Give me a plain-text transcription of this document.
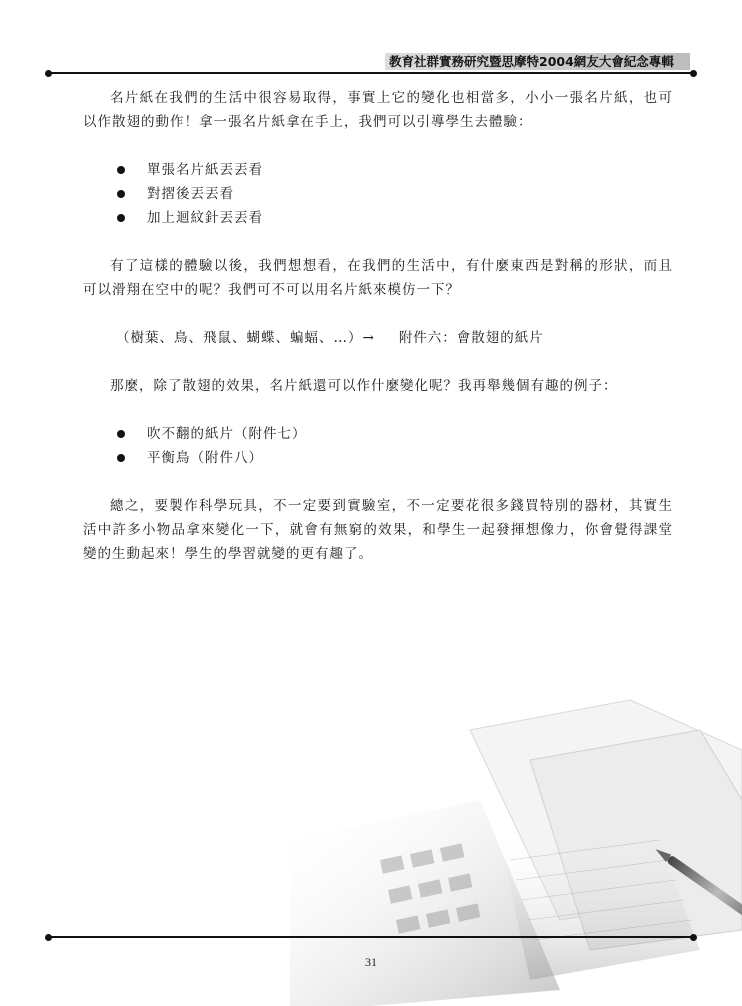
教育社群實務研究暨思摩特2004網友大會紀念專輯

名片紙在我們的生活中很容易取得，事實上它的變化也相當多，小小一張名片紙，也可以作散翅的動作！拿一張名片紙拿在手上，我們可以引導學生去體驗：

單張名片紙丟丟看
對摺後丟丟看
加上迴紋針丟丟看

有了這樣的體驗以後，我們想想看，在我們的生活中，有什麼東西是對稱的形狀，而且可以滑翔在空中的呢？我們可不可以用名片紙來模仿一下？

（樹葉、鳥、飛鼠、蝴蝶、蝙蝠、…）→ 附件六：會散翅的紙片

那麼，除了散翅的效果，名片紙還可以作什麼變化呢？我再舉幾個有趣的例子：

吹不翻的紙片（附件七）
平衡鳥（附件八）

總之，要製作科學玩具，不一定要到實驗室，不一定要花很多錢買特別的器材，其實生活中許多小物品拿來變化一下，就會有無窮的效果，和學生一起發揮想像力，你會覺得課堂變的生動起來！學生的學習就變的更有趣了。

31
